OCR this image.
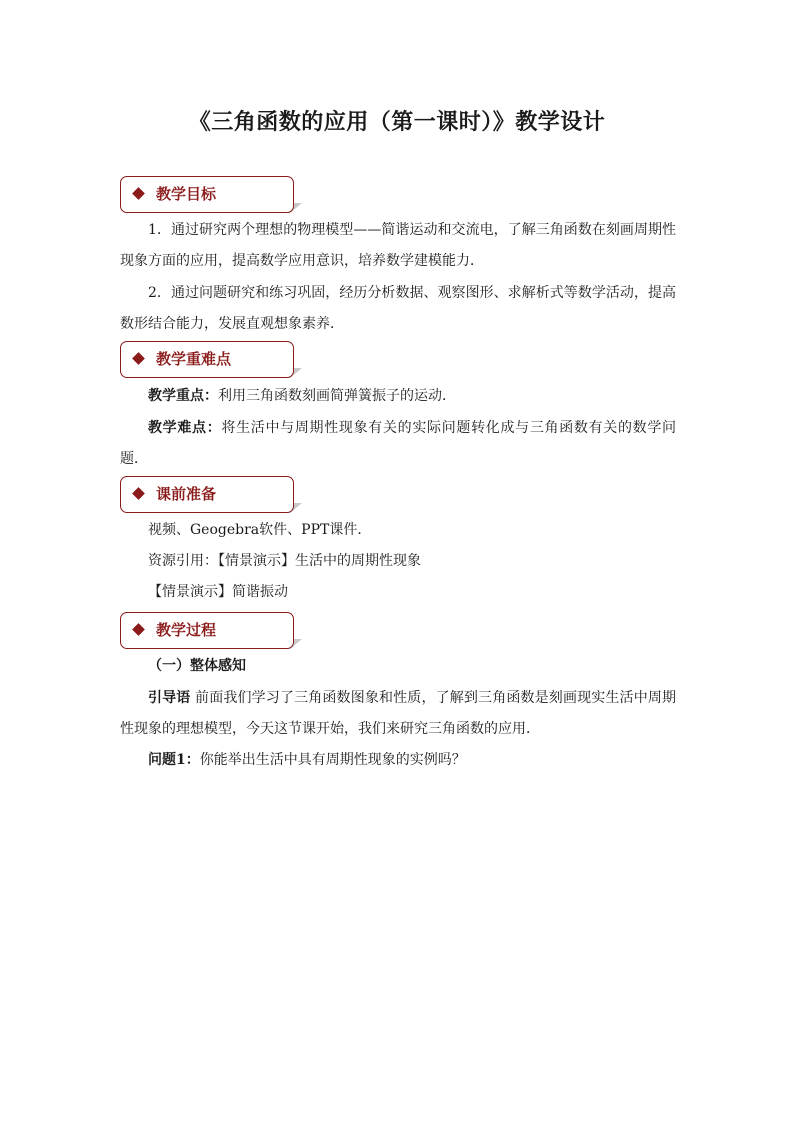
《三角函数的应用（第一课时）》教学设计
教学目标
1．通过研究两个理想的物理模型——简谐运动和交流电，了解三角函数在刻画周期性现象方面的应用，提高数学应用意识，培养数学建模能力．
2．通过问题研究和练习巩固，经历分析数据、观察图形、求解析式等数学活动，提高数形结合能力，发展直观想象素养．
教学重难点
教学重点：利用三角函数刻画简弹簧振子的运动．
教学难点：将生活中与周期性现象有关的实际问题转化成与三角函数有关的数学问题．
课前准备
视频、Geogebra软件、PPT课件．
资源引用：【情景演示】生活中的周期性现象
【情景演示】简谐振动
教学过程
（一）整体感知
引导语 前面我们学习了三角函数图象和性质，了解到三角函数是刻画现实生活中周期性现象的理想模型，今天这节课开始，我们来研究三角函数的应用．
问题1：你能举出生活中具有周期性现象的实例吗？
